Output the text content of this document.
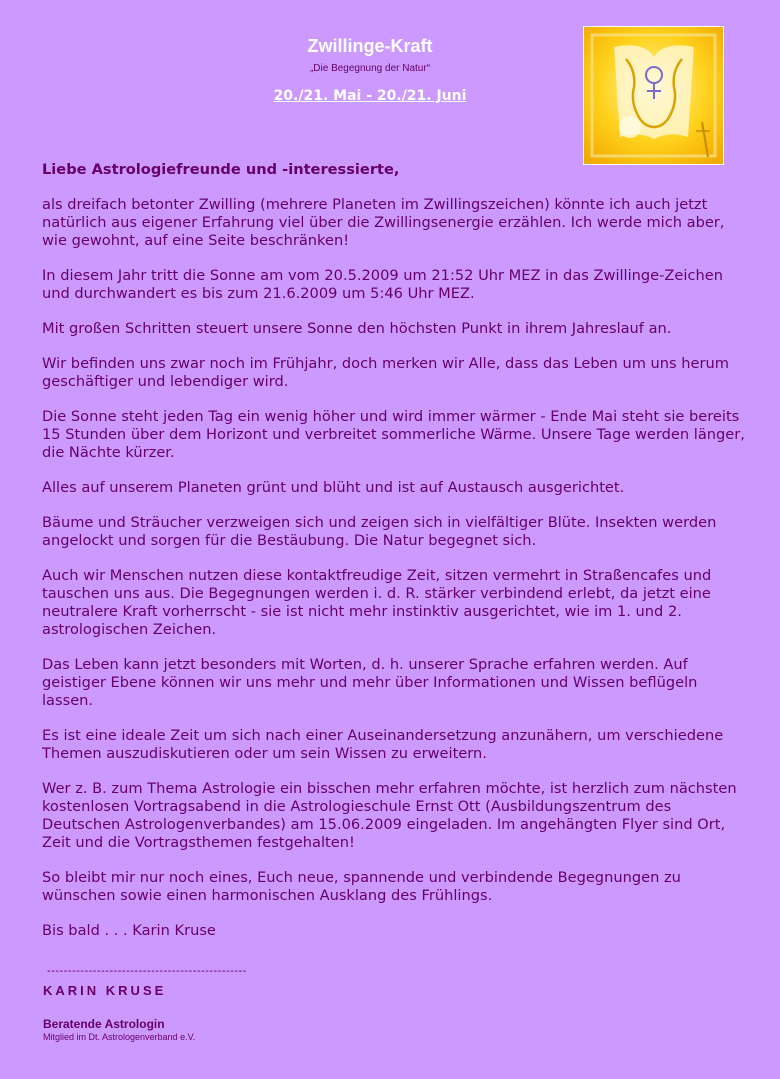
Zwillinge-Kraft
„Die Begegnung der Natur“
20./21. Mai - 20./21. Juni

Liebe Astrologiefreunde und -interessierte,

als dreifach betonter Zwilling (mehrere Planeten im Zwillingszeichen) könnte ich auch jetzt natürlich aus eigener Erfahrung viel über die Zwillingsenergie erzählen. Ich werde mich aber, wie gewohnt, auf eine Seite beschränken!

In diesem Jahr tritt die Sonne am vom 20.5.2009 um 21:52 Uhr MEZ in das Zwillinge-Zeichen und durchwandert es bis zum 21.6.2009 um 5:46 Uhr MEZ.

Mit großen Schritten steuert unsere Sonne den höchsten Punkt in ihrem Jahreslauf an.

Wir befinden uns zwar noch im Frühjahr, doch merken wir Alle, dass das Leben um uns herum geschäftiger und lebendiger wird.

Die Sonne steht jeden Tag ein wenig höher und wird immer wärmer - Ende Mai steht sie bereits 15 Stunden über dem Horizont und verbreitet sommerliche Wärme. Unsere Tage werden länger, die Nächte kürzer.

Alles auf unserem Planeten grünt und blüht und ist auf Austausch ausgerichtet.

Bäume und Sträucher verzweigen sich und zeigen sich in vielfältiger Blüte. Insekten werden angelockt und sorgen für die Bestäubung. Die Natur begegnet sich.

Auch wir Menschen nutzen diese kontaktfreudige Zeit, sitzen vermehrt in Straßencafes und tauschen uns aus. Die Begegnungen werden i. d. R. stärker verbindend erlebt, da jetzt eine neutralere Kraft vorherrscht - sie ist nicht mehr instinktiv ausgerichtet, wie im 1. und 2. astrologischen Zeichen.

Das Leben kann jetzt besonders mit Worten, d. h. unserer Sprache erfahren werden. Auf geistiger Ebene können wir uns mehr und mehr über Informationen und Wissen beflügeln lassen.

Es ist eine ideale Zeit um sich nach einer Auseinandersetzung anzunähern, um verschiedene Themen auszudiskutieren oder um sein Wissen zu erweitern.

Wer z. B. zum Thema Astrologie ein bisschen mehr erfahren möchte, ist herzlich zum nächsten kostenlosen Vortragsabend in die Astrologieschule Ernst Ott (Ausbildungszentrum des Deutschen Astrologenverbandes) am 15.06.2009 eingeladen. Im angehängten Flyer sind Ort, Zeit und die Vortragsthemen festgehalten!

So bleibt mir nur noch eines, Euch neue, spannende und verbindende Begegnungen zu wünschen sowie einen harmonischen Ausklang des Frühlings.

Bis bald . . . Karin Kruse

------------------------------------------------
KARIN KRUSE
Beratende Astrologin
Mitglied im Dt. Astrologenverband e.V.
